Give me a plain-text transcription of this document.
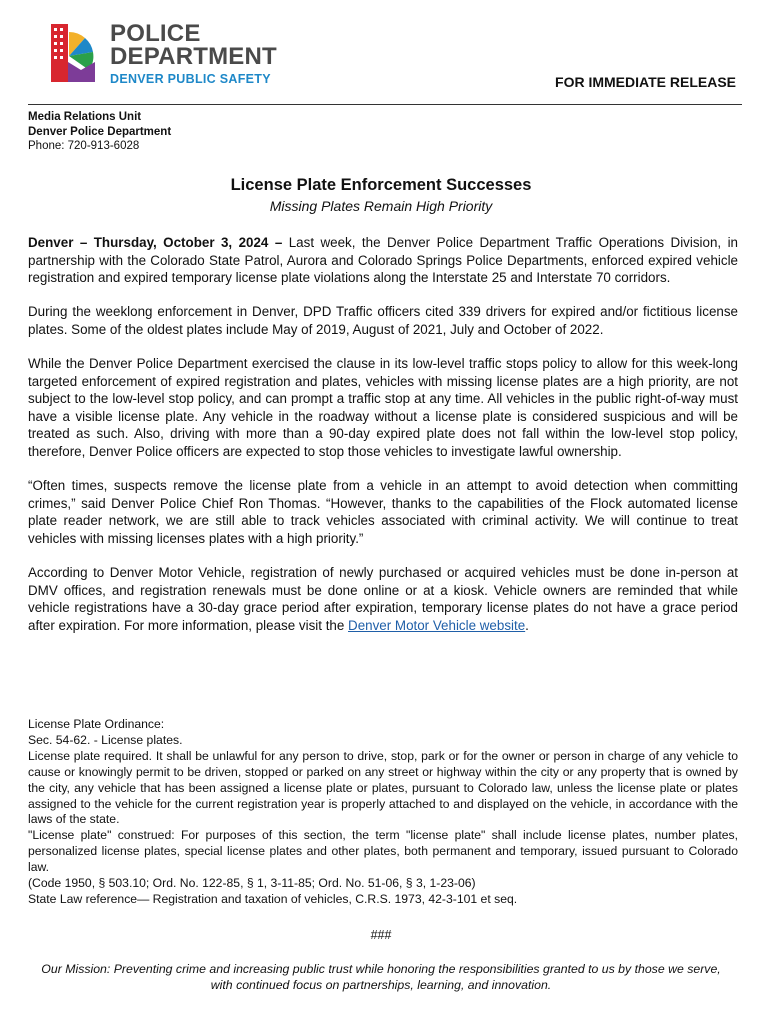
POLICE
DEPARTMENT
DENVER PUBLIC SAFETY	FOR IMMEDIATE RELEASE
Media Relations Unit
Denver Police Department
Phone: 720-913-6028
License Plate Enforcement Successes
Missing Plates Remain High Priority

Denver – Thursday, October 3, 2024 – Last week, the Denver Police Department Traffic Operations Division, in partnership with the Colorado State Patrol, Aurora and Colorado Springs Police Departments, enforced expired vehicle registration and expired temporary license plate violations along the Interstate 25 and Interstate 70 corridors.

During the weeklong enforcement in Denver, DPD Traffic officers cited 339 drivers for expired and/or fictitious license plates. Some of the oldest plates include May of 2019, August of 2021, July and October of 2022.

While the Denver Police Department exercised the clause in its low-level traffic stops policy to allow for this week-long targeted enforcement of expired registration and plates, vehicles with missing license plates are a high priority, are not subject to the low-level stop policy, and can prompt a traffic stop at any time. All vehicles in the public right-of-way must have a visible license plate. Any vehicle in the roadway without a license plate is considered suspicious and will be treated as such. Also, driving with more than a 90-day expired plate does not fall within the low-level stop policy, therefore, Denver Police officers are expected to stop those vehicles to investigate lawful ownership.

“Often times, suspects remove the license plate from a vehicle in an attempt to avoid detection when committing crimes,” said Denver Police Chief Ron Thomas. “However, thanks to the capabilities of the Flock automated license plate reader network, we are still able to track vehicles associated with criminal activity. We will continue to treat vehicles with missing licenses plates with a high priority.”

According to Denver Motor Vehicle, registration of newly purchased or acquired vehicles must be done in-person at DMV offices, and registration renewals must be done online or at a kiosk. Vehicle owners are reminded that while vehicle registrations have a 30-day grace period after expiration, temporary license plates do not have a grace period after expiration. For more information, please visit the Denver Motor Vehicle website.

License Plate Ordinance:
Sec. 54-62. - License plates.
License plate required. It shall be unlawful for any person to drive, stop, park or for the owner or person in charge of any vehicle to cause or knowingly permit to be driven, stopped or parked on any street or highway within the city or any property that is owned by the city, any vehicle that has been assigned a license plate or plates, pursuant to Colorado law, unless the license plate or plates assigned to the vehicle for the current registration year is properly attached to and displayed on the vehicle, in accordance with the laws of the state.
"License plate" construed: For purposes of this section, the term "license plate" shall include license plates, number plates, personalized license plates, special license plates and other plates, both permanent and temporary, issued pursuant to Colorado law.
(Code 1950, § 503.10; Ord. No. 122-85, § 1, 3-11-85; Ord. No. 51-06, § 3, 1-23-06)
State Law reference— Registration and taxation of vehicles, C.R.S. 1973, 42-3-101 et seq.
###
Our Mission: Preventing crime and increasing public trust while honoring the responsibilities granted to us by those we serve, with continued focus on partnerships, learning, and innovation.
